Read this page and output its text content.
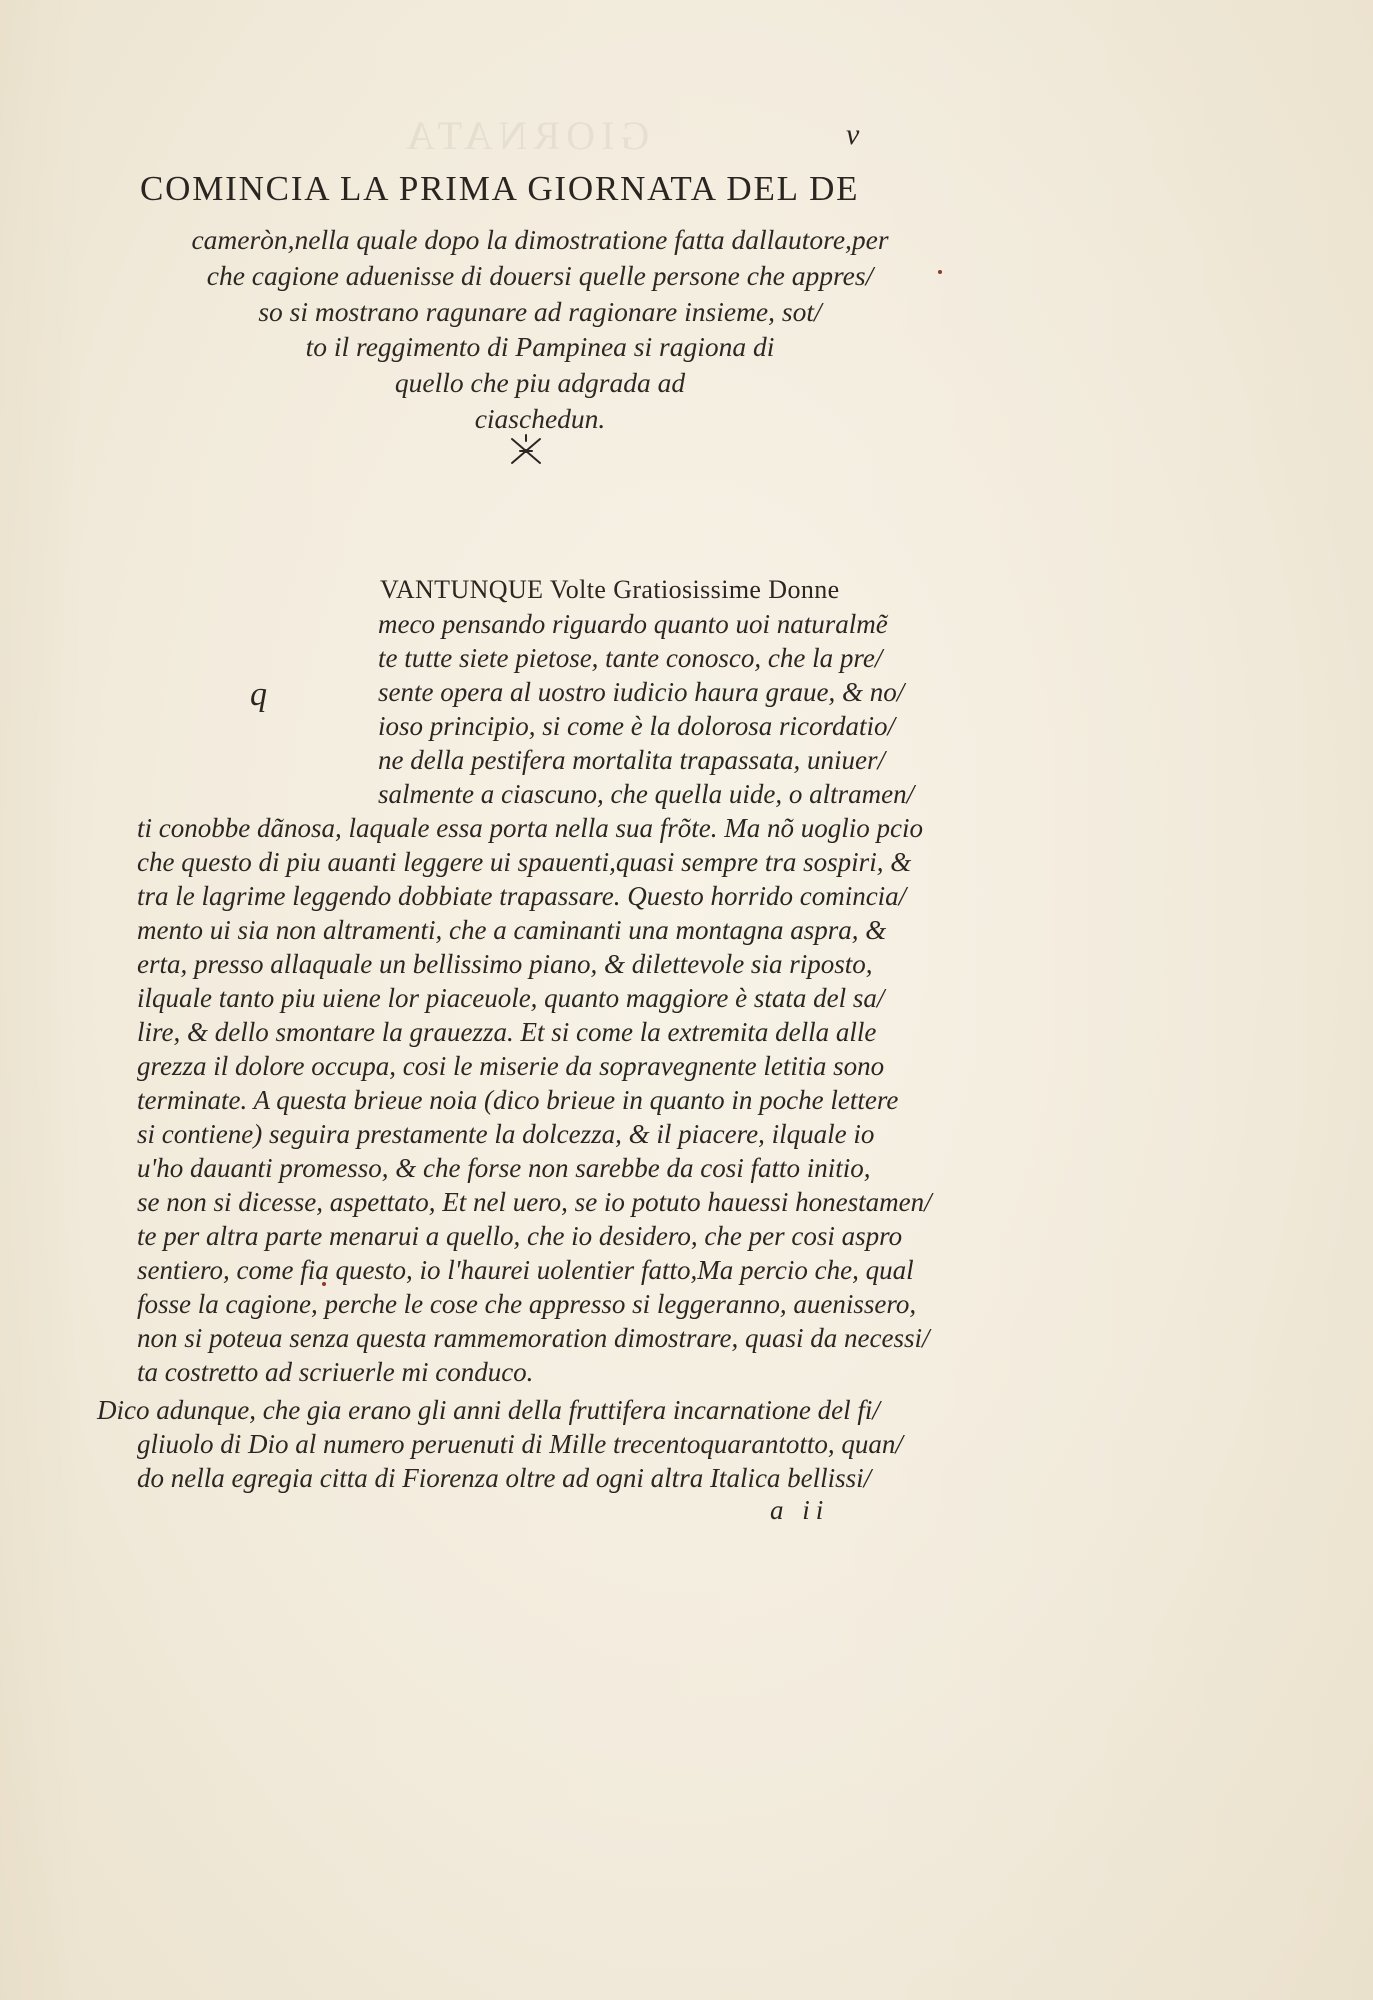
GIORNATA	v
COMINCIA LA PRIMA GIORNATA DEL DE
cameròn,nella quale dopo la dimostratione fatta dallautore,per
che cagione aduenisse di douersi quelle persone che appres/
so si mostrano ragunare ad ragionare insieme, sot/
to il reggimento di Pampinea si ragiona di
quello che piu adgrada ad
ciaschedun.
q
VANTUNQUE Volte Gratiosissime Donne
meco pensando riguardo quanto uoi naturalmẽ
te tutte siete pietose, tante conosco, che la pre/
sente opera al uostro iudicio haura graue, & no/
ioso principio, si come è la dolorosa ricordatio/
ne della pestifera mortalita trapassata, uniuer/
salmente a ciascuno, che quella uide, o altramen/
ti conobbe dãnosa, laquale essa porta nella sua frõte. Ma nõ uoglio pcio
che questo di piu auanti leggere ui spauenti,quasi sempre tra sospiri, &
tra le lagrime leggendo dobbiate trapassare. Questo horrido comincia/
mento ui sia non altramenti, che a caminanti una montagna aspra, &
erta, presso allaquale un bellissimo piano, & dilettevole sia riposto,
ilquale tanto piu uiene lor piaceuole, quanto maggiore è stata del sa/
lire, & dello smontare la grauezza. Et si come la extremita della alle
grezza il dolore occupa, cosi le miserie da sopravegnente letitia sono
terminate. A questa brieue noia (dico brieue in quanto in poche lettere
si contiene) seguira prestamente la dolcezza, & il piacere, ilquale io
u'ho dauanti promesso, & che forse non sarebbe da cosi fatto initio,
se non si dicesse, aspettato, Et nel uero, se io potuto hauessi honestamen/
te per altra parte menarui a quello, che io desidero, che per cosi aspro
sentiero, come fia questo, io l'haurei uolentier fatto,Ma percio che, qual
fosse la cagione, perche le cose che appresso si leggeranno, auenissero,
non si poteua senza questa rammemoration dimostrare, quasi da necessi/
ta costretto ad scriuerle mi conduco.
Dico adunque, che gia erano gli anni della fruttifera incarnatione del fi/
gliuolo di Dio al numero peruenuti di Mille trecentoquarantotto, quan/
do nella egregia citta di Fiorenza oltre ad ogni altra Italica bellissi/
a ii
